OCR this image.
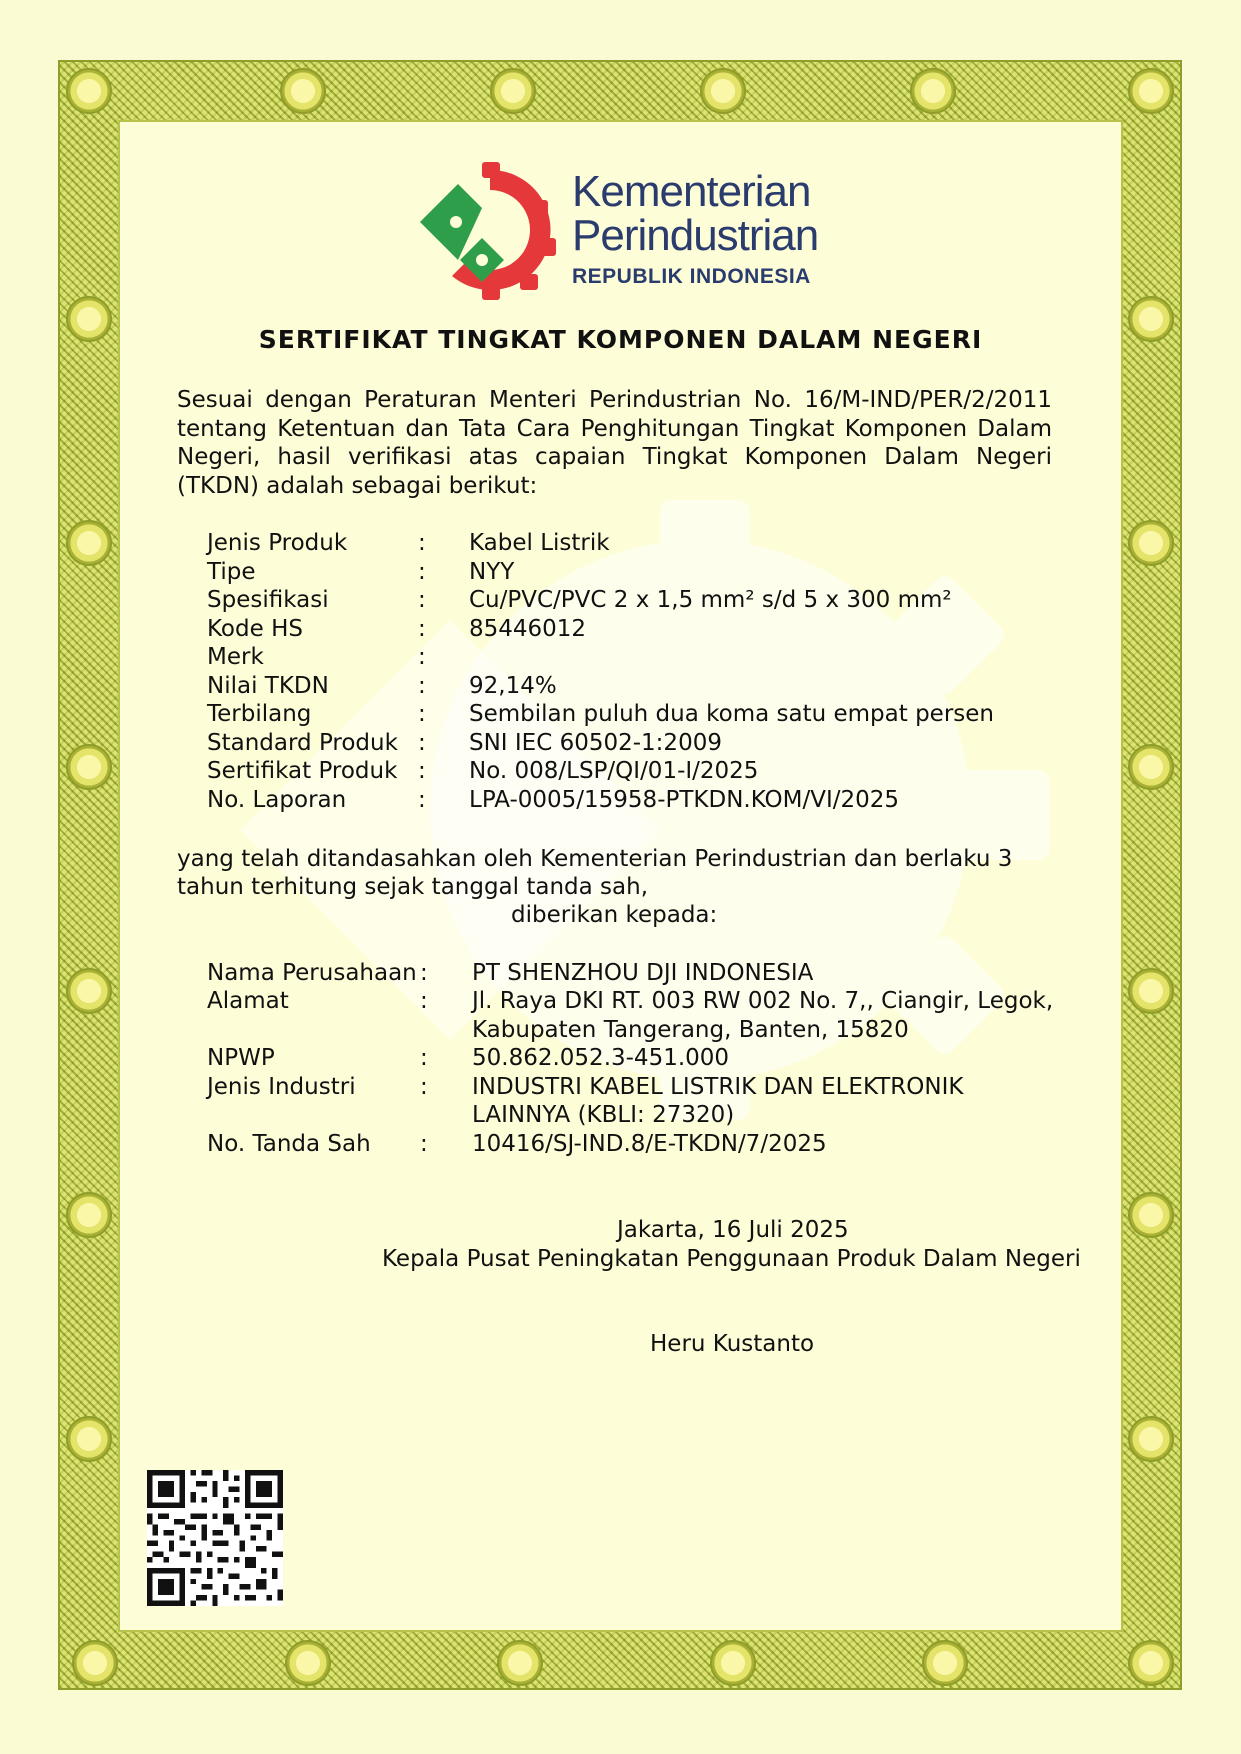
Kementerian
Perindustrian
REPUBLIK INDONESIA
SERTIFIKAT TINGKAT KOMPONEN DALAM NEGERI
Sesuai dengan Peraturan Menteri Perindustrian No. 16/M-IND/PER/2/2011 tentang Ketentuan dan Tata Cara Penghitungan Tingkat Komponen Dalam Negeri, hasil verifikasi atas capaian Tingkat Komponen Dalam Negeri (TKDN) adalah sebagai berikut:
Jenis Produk	: Kabel Listrik
Tipe	: NYY
Spesifikasi	: Cu/PVC/PVC 2 x 1,5 mm² s/d 5 x 300 mm²
Kode HS	: 85446012
Merk	:
Nilai TKDN	: 92,14%
Terbilang	: Sembilan puluh dua koma satu empat persen
Standard Produk : SNI IEC 60502-1:2009
Sertifikat Produk : No. 008/LSP/QI/01-I/2025
No. Laporan	: LPA-0005/15958-PTKDN.KOM/VI/2025
yang telah ditandasahkan oleh Kementerian Perindustrian dan berlaku 3
tahun terhitung sejak tanggal tanda sah,
diberikan kepada:
Nama Perusahaan : PT SHENZHOU DJI INDONESIA
Alamat	: Jl. Raya DKI RT. 003 RW 002 No. 7,, Ciangir, Legok,
Kabupaten Tangerang, Banten, 15820
NPWP	: 50.862.052.3-451.000
Jenis Industri	: INDUSTRI KABEL LISTRIK DAN ELEKTRONIK
LAINNYA (KBLI: 27320)
No. Tanda Sah : 10416/SJ-IND.8/E-TKDN/7/2025
Jakarta, 16 Juli 2025
Kepala Pusat Peningkatan Penggunaan Produk Dalam Negeri
Heru Kustanto
